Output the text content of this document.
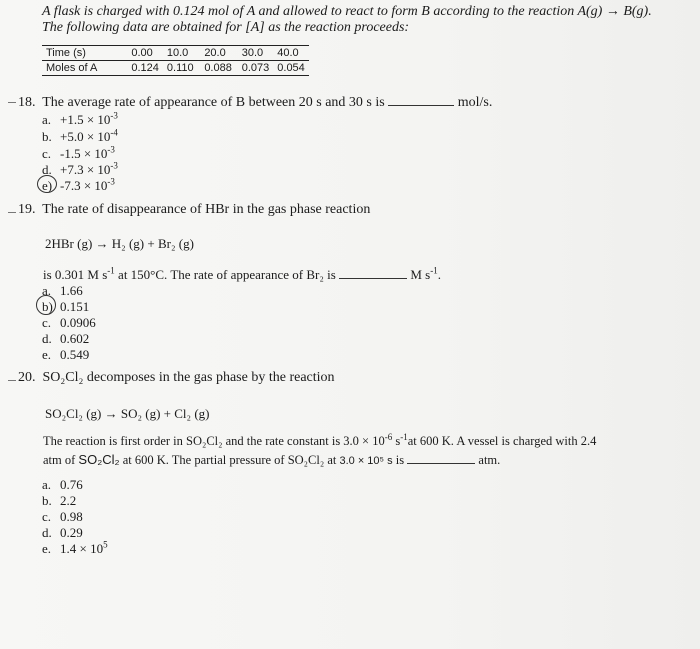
A flask is charged with 0.124 mol of A and allowed to react to form B according to the reaction A(g) → B(g).
The following data are obtained for [A] as the reaction proceeds:
Time (s)	0.00	10.0	20.0	30.0	40.0
Moles of A	0.124	0.110	0.088	0.073	0.054
18. The average rate of appearance of B between 20 s and 30 s is	mol/s.
a. $+1.5 \times 10^{-3}$
b. $+5.0 \times 10^{-4}$
c. $-1.5 \times 10^{-3}$
d. $+7.3 \times 10^{-3}$
e) $-7.3 \times 10^{-3}$
19. The rate of disappearance of HBr in the gas phase reaction
2HBr (g) → H₂ (g) + Br₂ (g)
is 0.301 M $s^{-1}$ at 150°C. The rate of appearance of Br₂ is	M $s^{-1}$.
a. 1.66
b) 0.151
c. 0.0906
d. 0.602
e. 0.549
20. SO₂Cl₂ decomposes in the gas phase by the reaction
SO₂Cl₂ (g) → SO₂ (g) + Cl₂ (g)
The reaction is first order in SO₂Cl₂ and the rate constant is $3.0 \times 10^{-6}$ $s^{-1}at$ 600 K. A vessel is charged with 2.4
atm of SO₂Cl₂ at 600 K. The partial pressure of SO₂Cl₂ at 3.0 × 10⁵ s is	atm.
a. 0.76
b. 2.2
c. 0.98
d. 0.29
e. $1.4 \times 10^5$
